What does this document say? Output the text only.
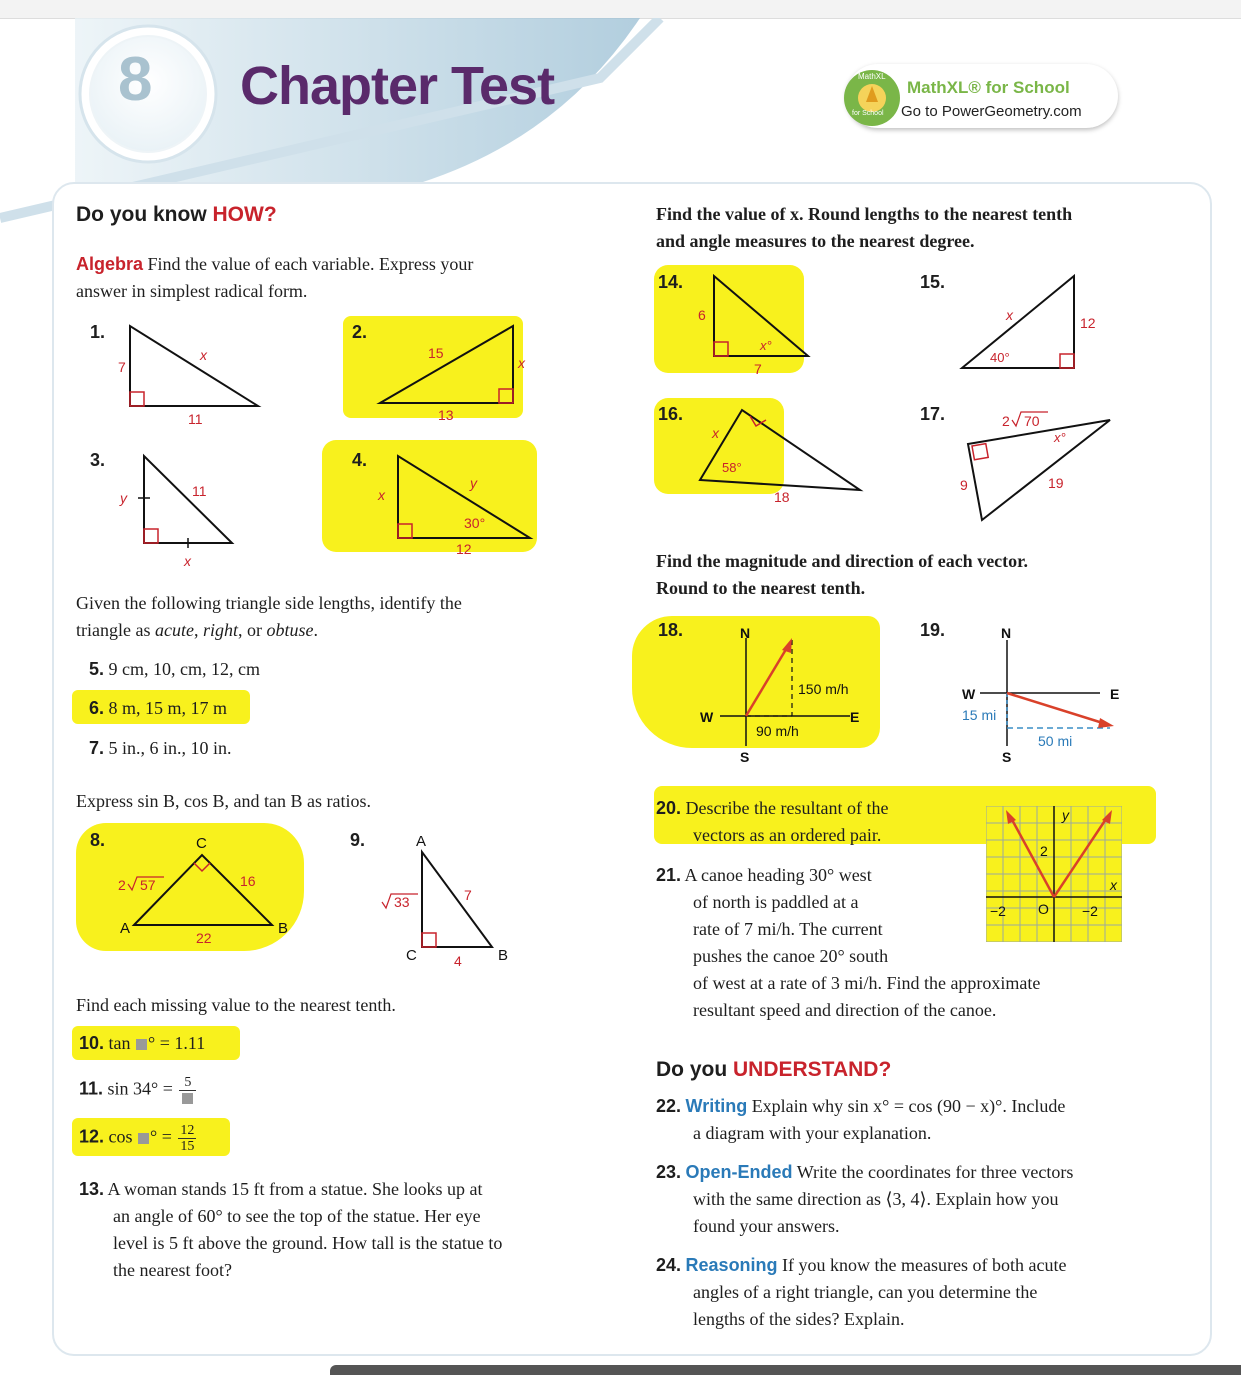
8 Chapter Test	MathXL
for School
MathXL® for School
Go to PowerGeometry.com
Do you know HOW?
Algebra Find the value of each variable. Express your
answer in simplest radical form.
1.
7
11
x
2.
15
13
x
3.
11
y
x
4.
x
y
30°
12
Given the following triangle side lengths, identify the
triangle as acute, right, or obtuse.
5. 9 cm, 10, cm, 12, cm
6. 8 m, 15 m, 17 m
7. 5 in., 6 in., 10 in.
Express sin B, cos B, and tan B as ratios.
8.	C
A	B
2 57	16
22
9.	A
B
C
33	7
4
Find each missing value to the nearest tenth.
10. tan ° = 1.11
11. sin 34° = 5
12. cos ° = $\frac{12}{15}$
13. A woman stands 15 ft from a statue. She looks up at
an angle of 60° to see the top of the statue. Her eye
level is 5 ft above the ground. How tall is the statue to
the nearest foot?
Find the value of x. Round lengths to the nearest tenth
and angle measures to the nearest degree.
14.
6
7
x°
15.
x	12
40°
16.
x
58°
18
17.	2 70
9	19
x°
Find the magnitude and direction of each vector.
Round to the nearest tenth.
18.	N
S
E
W
150 m/h
90 m/h
19.	N
S
E
W
15 mi
50 mi
20. Describe the resultant of the
vectors as an ordered pair.
y
x
2
−2 O −2
21. A canoe heading 30° west
of north is paddled at a
rate of 7 mi/h. The current
pushes the canoe 20° south
of west at a rate of 3 mi/h. Find the approximate
resultant speed and direction of the canoe.
Do you UNDERSTAND?
22. Writing Explain why sin x° = cos (90 − x)°. Include
a diagram with your explanation.
23. Open-Ended Write the coordinates for three vectors
with the same direction as ⟨3, 4⟩. Explain how you
found your answers.
24. Reasoning If you know the measures of both acute
angles of a right triangle, can you determine the
lengths of the sides? Explain.
